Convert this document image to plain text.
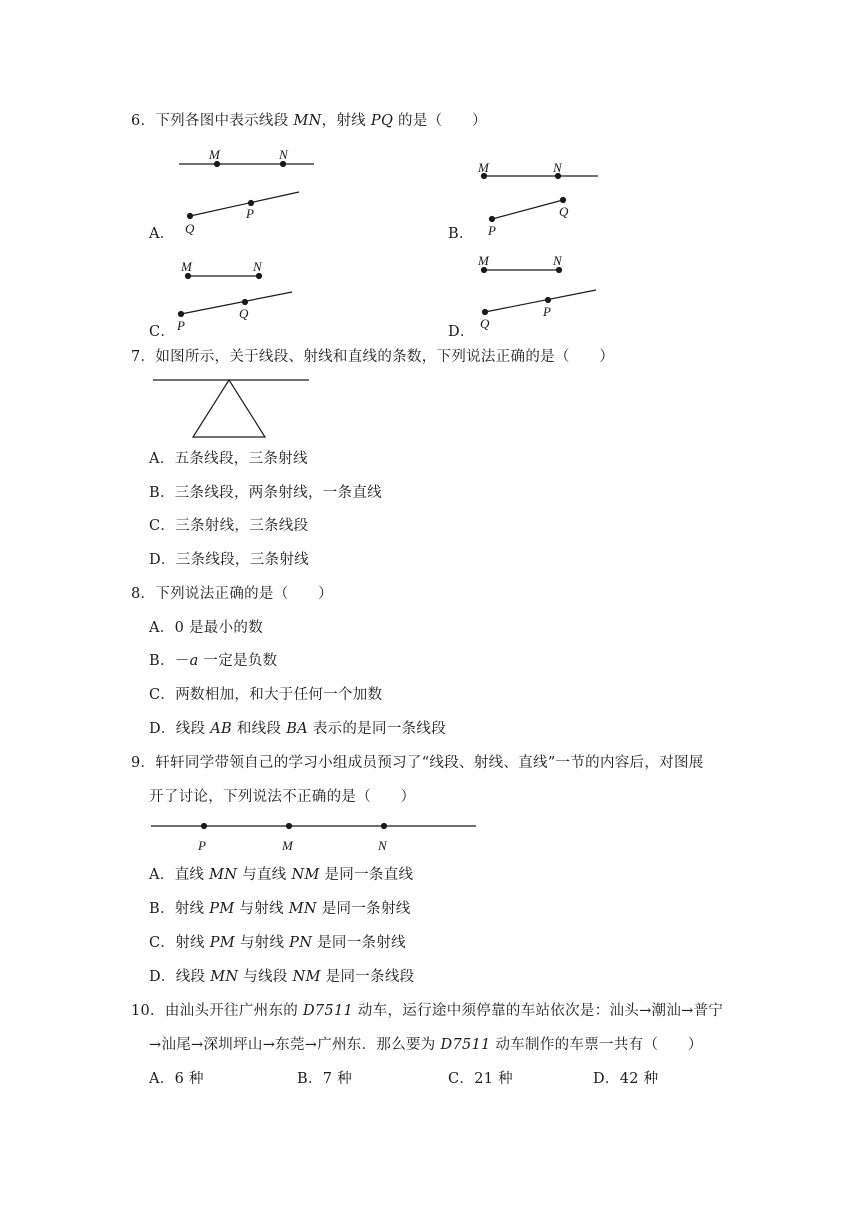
6．下列各图中表示线段 MN，射线 PQ 的是（　　）
M	N
Q
P
M	N
P
Q
M	N
P
Q
M	N
Q
P
A．	B．
C．	D．
7．如图所示，关于线段、射线和直线的条数，下列说法正确的是（　　）
A．五条线段，三条射线
B．三条线段，两条射线，一条直线
C．三条射线，三条线段
D．三条线段，三条射线
8．下列说法正确的是（　　）
A．0 是最小的数
B．－a 一定是负数
C．两数相加，和大于任何一个加数
D．线段 AB 和线段 BA 表示的是同一条线段
9．轩轩同学带领自己的学习小组成员预习了“线段、射线、直线”一节的内容后，对图展
开了讨论，下列说法不正确的是（　　）
P	M	N
A．直线 MN 与直线 NM 是同一条直线
B．射线 PM 与射线 MN 是同一条射线
C．射线 PM 与射线 PN 是同一条射线
D．线段 MN 与线段 NM 是同一条线段
10．由汕头开往广州东的 D7511 动车，运行途中须停靠的车站依次是：汕头→潮汕→普宁
→汕尾→深圳坪山→东莞→广州东．那么要为 D7511 动车制作的车票一共有（　　）
A．6 种	B．7 种	C．21 种	D．42 种
